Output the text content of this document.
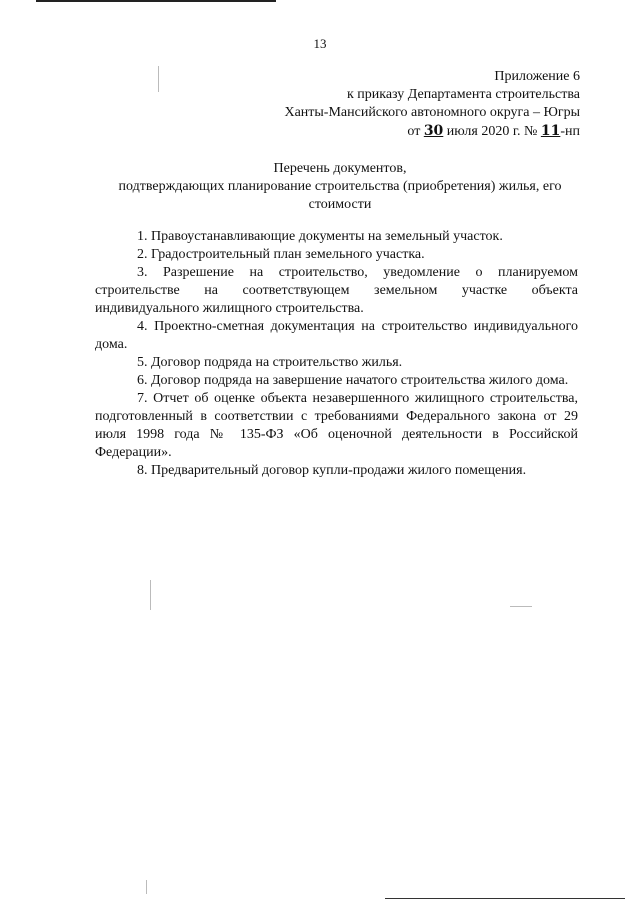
13
Приложение 6
к приказу Департамента строительства
Ханты-Мансийского автономного округа – Югры
от 30 июля 2020 г. № 11-нп
Перечень документов,
подтверждающих планирование строительства (приобретения) жилья, его
стоимости

1. Правоустанавливающие документы на земельный участок.

2. Градостроительный план земельного участка.

3. Разрешение на строительство, уведомление о планируемом строительстве на соответствующем земельном участке объекта индивидуального жилищного строительства.

4. Проектно-сметная документация на строительство индивидуального дома.

5. Договор подряда на строительство жилья.

6. Договор подряда на завершение начатого строительства жилого дома.

7. Отчет об оценке объекта незавершенного жилищного строительства, подготовленный в соответствии с требованиями Федерального закона от 29 июля 1998 года № 135-ФЗ «Об оценочной деятельности в Российской Федерации».

8. Предварительный договор купли-продажи жилого помещения.
